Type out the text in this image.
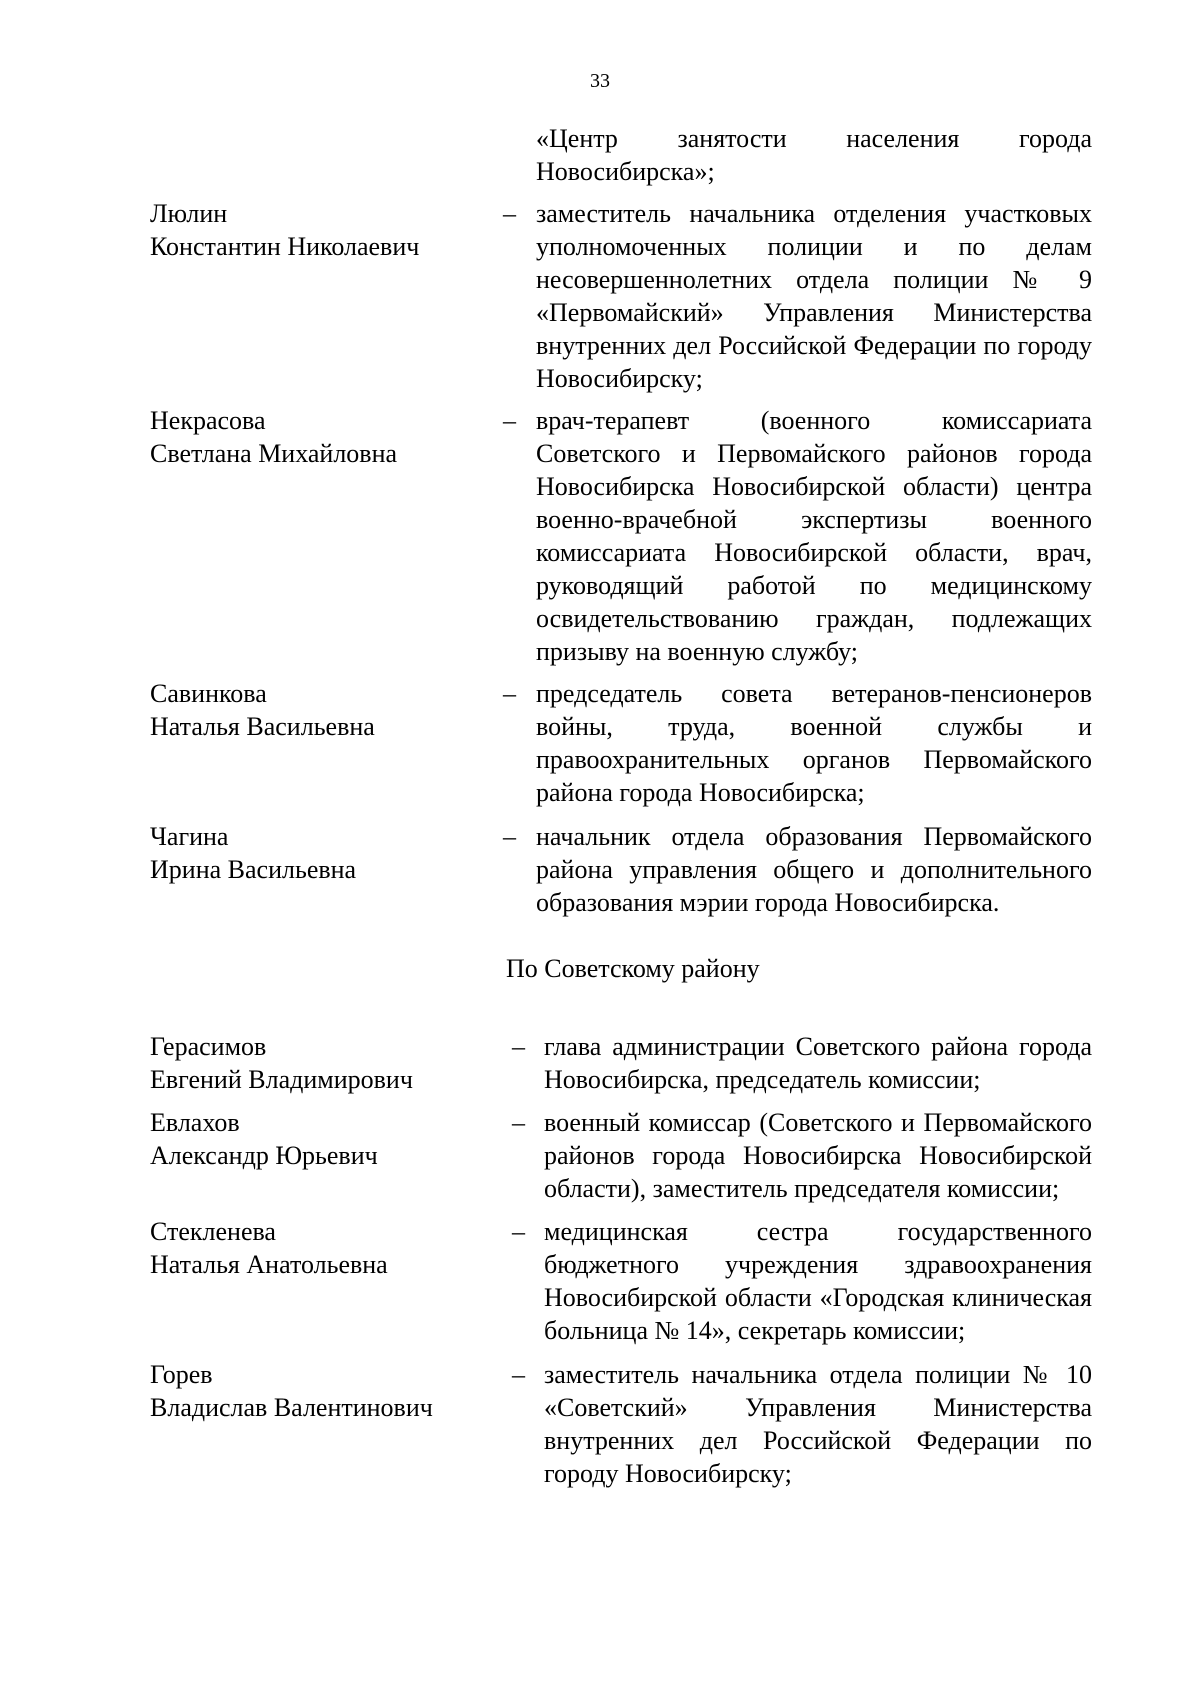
33
«Центр занятости населения города Новосибирска»;
Люлин
Константин Николаевич
– заместитель начальника отделения участковых уполномоченных полиции и по делам несовершеннолетних отдела полиции № 9 «Первомайский» Управления Министерства внутренних дел Российской Федерации по городу Новосибирску;
Некрасова
Светлана Михайловна
– врач-терапевт (военного комиссариата Советского и Первомайского районов города Новосибирска Новосибирской области) центра военно-врачебной экспертизы военного комиссариата Новосибирской области, врач, руководящий работой по медицинскому освидетельствованию граждан, подлежащих призыву на военную службу;
Савинкова
Наталья Васильевна
– председатель совета ветеранов-пенсионеров войны, труда, военной службы и правоохранительных органов Первомайского района города Новосибирска;
Чагина
Ирина Васильевна
– начальник отдела образования Первомайского района управления общего и дополнительного образования мэрии города Новосибирска.
По Советскому району
Герасимов
Евгений Владимирович
– глава администрации Советского района города Новосибирска, председатель комиссии;
Евлахов
Александр Юрьевич
– военный комиссар (Советского и Первомайского районов города Новосибирска Новосибирской области), заместитель председателя комиссии;
Стекленева
Наталья Анатольевна
– медицинская сестра государственного бюджетного учреждения здравоохранения Новосибирской области «Городская клиническая больница № 14», секретарь комиссии;
Горев
Владислав Валентинович
– заместитель начальника отдела полиции № 10 «Советский» Управления Министерства внутренних дел Российской Федерации по городу Новосибирску;
